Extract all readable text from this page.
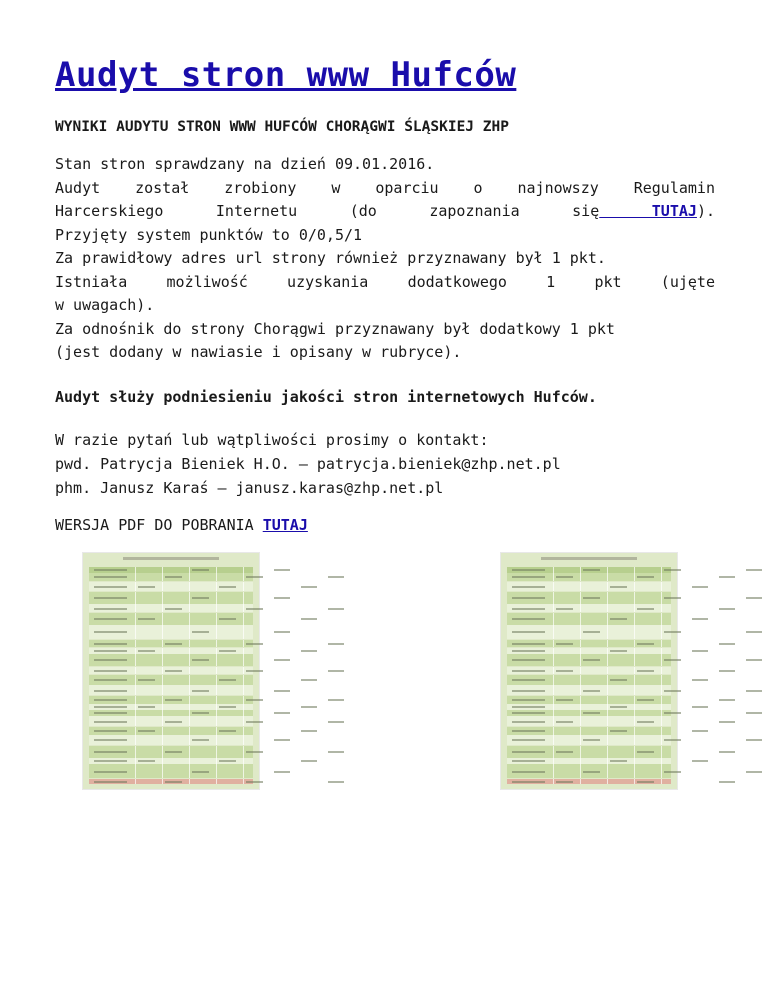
Audyt stron www Hufców

WYNIKI AUDYTU STRON WWW HUFCÓW CHORĄGWI ŚLĄSKIEJ ZHP

Stan stron sprawdzany na dzień 09.01.2016.
Audyt został zrobiony w oparciu o najnowszy Regulamin
Harcerskiego Internetu (do zapoznania się TUTAJ).
Przyjęty system punktów to 0/0,5/1
Za prawidłowy adres url strony również przyznawany był 1 pkt.
Istniała możliwość uzyskania dodatkowego 1 pkt (ujęte
w uwagach).
Za odnośnik do strony Chorągwi przyznawany był dodatkowy 1 pkt
(jest dodany w nawiasie i opisany w rubryce).

Audyt służy podniesieniu jakości stron internetowych Hufców.

W razie pytań lub wątpliwości prosimy o kontakt:
pwd. Patrycja Bieniek H.O. – patrycja.bieniek@zhp.net.pl
phm. Janusz Karaś – janusz.karas@zhp.net.pl
WERSJA PDF DO POBRANIA TUTAJ
